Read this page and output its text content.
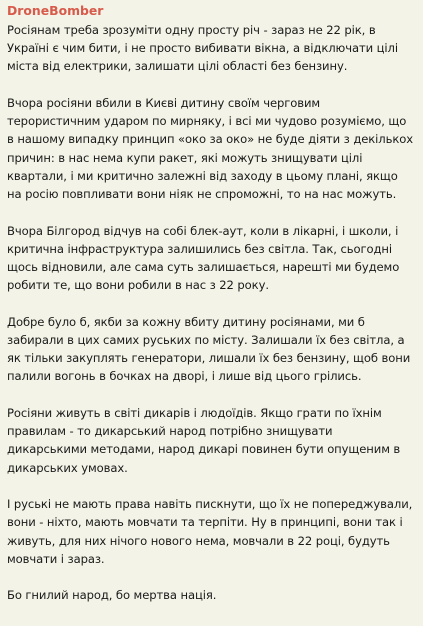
DroneBomber

Росіянам треба зрозуміти одну просту річ - зараз не 22 рік, в Україні є чим бити, і не просто вибивати вікна, а відключати цілі міста від електрики, залишати цілі області без бензину.

Вчора росіяни вбили в Києві дитину своїм черговим терористичним ударом по мирняку, і всі ми чудово розуміємо, що в нашому випадку принцип «око за око» не буде діяти з декількох причин: в нас нема купи ракет, які можуть знищувати цілі квартали, і ми критично залежні від заходу в цьому плані, якщо на росію повпливати вони ніяк не спроможні, то на нас можуть.

Вчора Білгород відчув на собі блек-аут, коли в лікарні, і школи, і критична інфраструктура залишились без світла. Так, сьогодні щось відновили, але сама суть залишається, нарешті ми будемо робити те, що вони робили в нас з 22 року.

Добре було б, якби за кожну вбиту дитину росіянами, ми б забирали в цих самих руських по місту. Залишали їх без світла, а як тільки закуплять генератори, лишали їх без бензину, щоб вони палили вогонь в бочках на дворі, і лише від цього грілись.

Росіяни живуть в світі дикарів і людоїдів. Якщо грати по їхнім правилам - то дикарський народ потрібно знищувати дикарськими методами, народ дикарі повинен бути опущеним в дикарських умовах.

І руські не мають права навіть пискнути, що їх не попереджували, вони - ніхто, мають мовчати та терпіти. Ну в принципі, вони так і живуть, для них нічого нового нема, мовчали в 22 році, будуть мовчати і зараз.

Бо гнилий народ, бо мертва нація.
